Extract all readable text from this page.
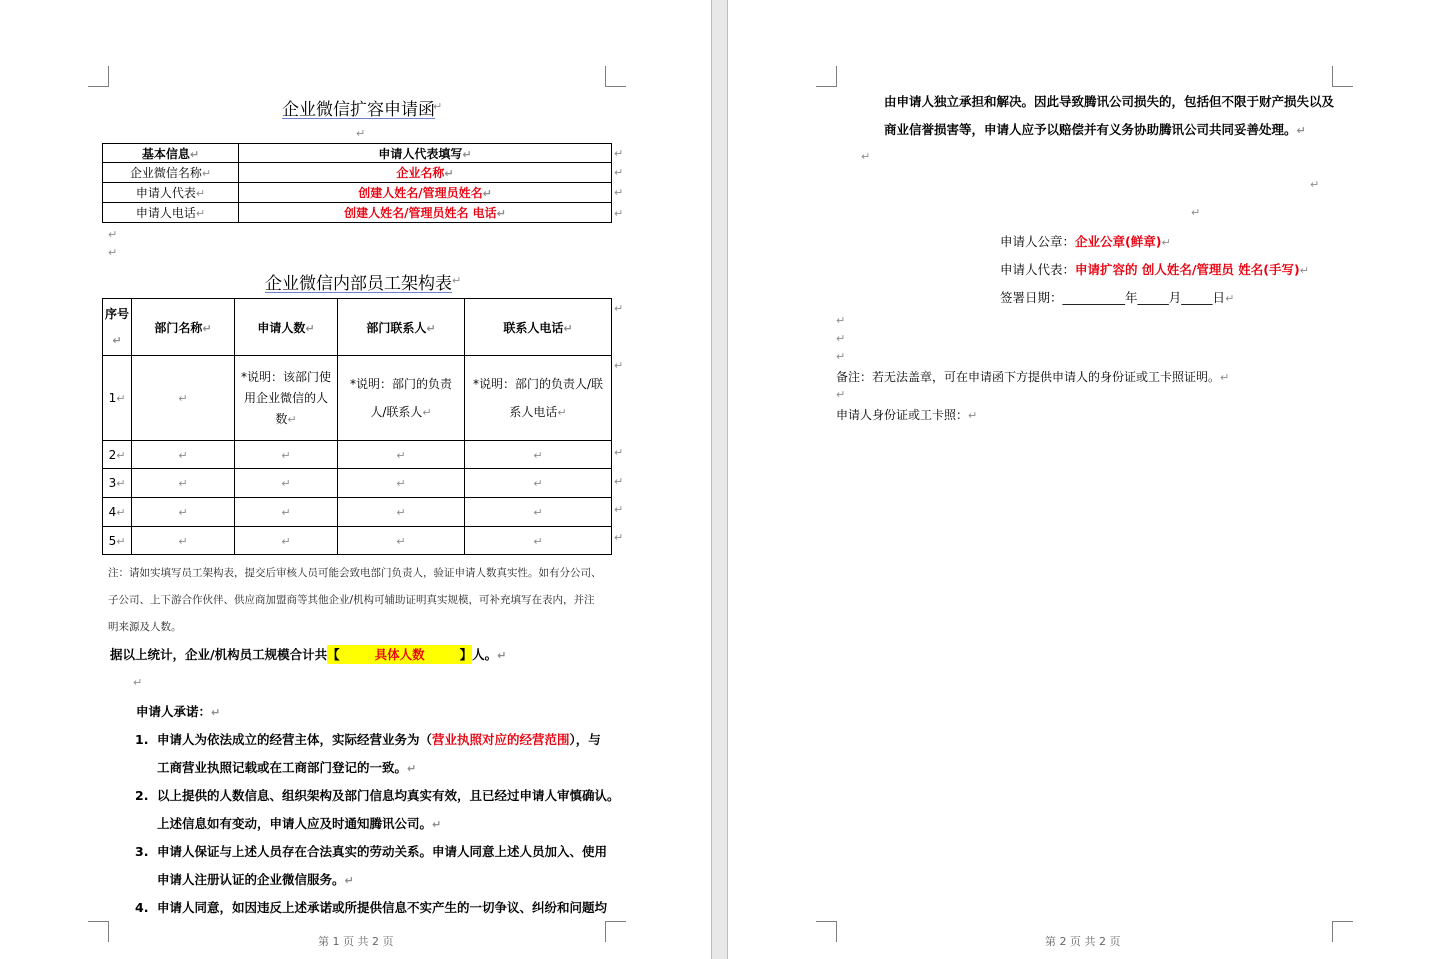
企业微信扩容申请函
↵
↵
基本信息↵	申请人代表填写↵
企业微信名称↵	企业名称↵
申请人代表↵	创建人姓名/管理员姓名↵
申请人电话↵	创建人姓名/管理员姓名 电话↵
↵
↵
↵
↵
↵
↵
企业微信内部员工架构表 ↵
序号↵	部门名称↵	申请人数↵	部门联系人↵	联系人电话↵
1↵	↵	*说明：该部门使用企业微信的人数↵	*说明：部门的负责人/联系人↵	*说明：部门的负责人/联系人电话↵
2↵	↵	↵	↵	↵
3↵	↵	↵	↵	↵
4↵	↵	↵	↵	↵
5↵	↵	↵	↵	↵
↵
↵
↵
↵
↵
↵
注：请如实填写员工架构表，提交后审核人员可能会致电部门负责人，验证申请人数真实性。如有分公司、
子公司、上下游合作伙伴、供应商加盟商等其他企业/机构可辅助证明真实规模，可补充填写在表内，并注
明来源及人数。
据以上统计，企业/机构员工规模合计共【	具体人数	】人。↵
↵
申请人承诺：↵
1. 申请人为依法成立的经营主体，实际经营业务为（营业执照对应的经营范围），与
工商营业执照记载或在工商部门登记的一致。↵
2. 以上提供的人数信息、组织架构及部门信息均真实有效，且已经过申请人审慎确认。
上述信息如有变动，申请人应及时通知腾讯公司。↵
3. 申请人保证与上述人员存在合法真实的劳动关系。申请人同意上述人员加入、使用
申请人注册认证的企业微信服务。↵
4. 申请人同意，如因违反上述承诺或所提供信息不实产生的一切争议、纠纷和问题均
第 1 页 共 2 页
由申请人独立承担和解决。因此导致腾讯公司损失的，包括但不限于财产损失以及
商业信誉损害等，申请人应予以赔偿并有义务协助腾讯公司共同妥善处理。↵
↵
↵
↵
申请人公章：企业公章(鲜章)↵
申请人代表：申请扩容的 创人姓名/管理员 姓名(手写)↵
签署日期：__________年_____月_____日↵
↵
↵
↵
备注：若无法盖章，可在申请函下方提供申请人的身份证或工卡照证明。↵
↵
申请人身份证或工卡照：↵
第 2 页 共 2 页
